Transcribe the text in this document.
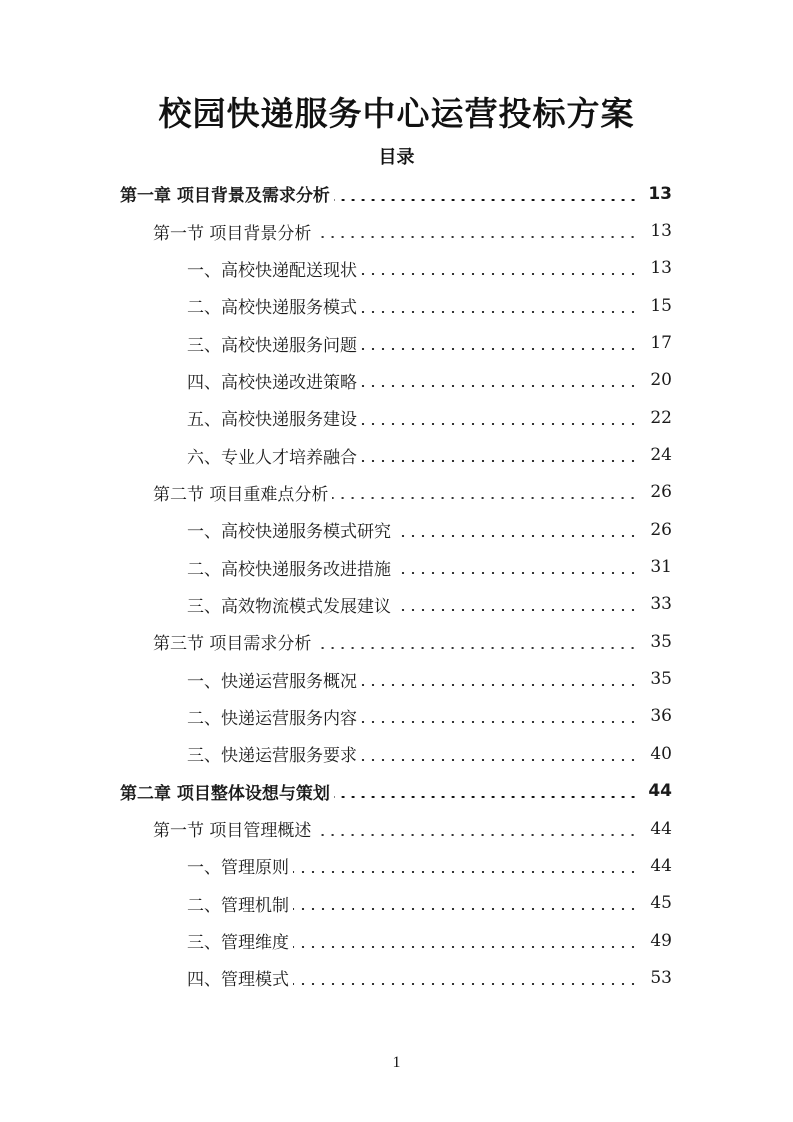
校园快递服务中心运营投标方案
目录
第一章 项目背景及需求分析	13
第一节 项目背景分析	13
一、高校快递配送现状	13
二、高校快递服务模式	15
三、高校快递服务问题	17
四、高校快递改进策略	20
五、高校快递服务建设	22
六、专业人才培养融合	24
第二节 项目重难点分析	26
一、高校快递服务模式研究	26
二、高校快递服务改进措施	31
三、高效物流模式发展建议	33
第三节 项目需求分析	35
一、快递运营服务概况	35
二、快递运营服务内容	36
三、快递运营服务要求	40
第二章 项目整体设想与策划	44
第一节 项目管理概述	44
一、管理原则	44
二、管理机制	45
三、管理维度	49
四、管理模式	53
1
